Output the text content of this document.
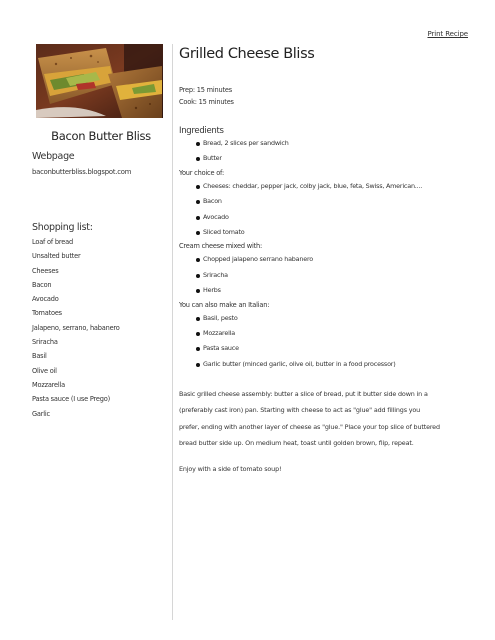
Print Recipe
Bacon Butter Bliss
Webpage
baconbutterbliss.blogspot.com
Shopping list:
Loaf of bread
Unsalted butter
Cheeses
Bacon
Avocado
Tomatoes
Jalapeno, serrano, habanero
Sriracha
Basil
Olive oil
Mozzarella
Pasta sauce (I use Prego)
Garlic
Grilled Cheese Bliss
Prep: 15 minutes
Cook: 15 minutes
Ingredients
Bread, 2 slices per sandwich
Butter
Your choice of:
Cheeses: cheddar, pepper jack, colby jack, blue, feta, Swiss, American....
Bacon
Avocado
Sliced tomato
Cream cheese mixed with:
Chopped jalapeno serrano habanero
Sriracha
Herbs
You can also make an Italian:
Basil, pesto
Mozzarella
Pasta sauce
Garlic butter (minced garlic, olive oil, butter in a food processor)

Basic grilled cheese assembly: butter a slice of bread, put it butter side down in a (preferably cast iron) pan. Starting with cheese to act as "glue" add fillings you prefer, ending with another layer of cheese as "glue." Place your top slice of buttered bread butter side up. On medium heat, toast until golden brown, flip, repeat.

Enjoy with a side of tomato soup!
